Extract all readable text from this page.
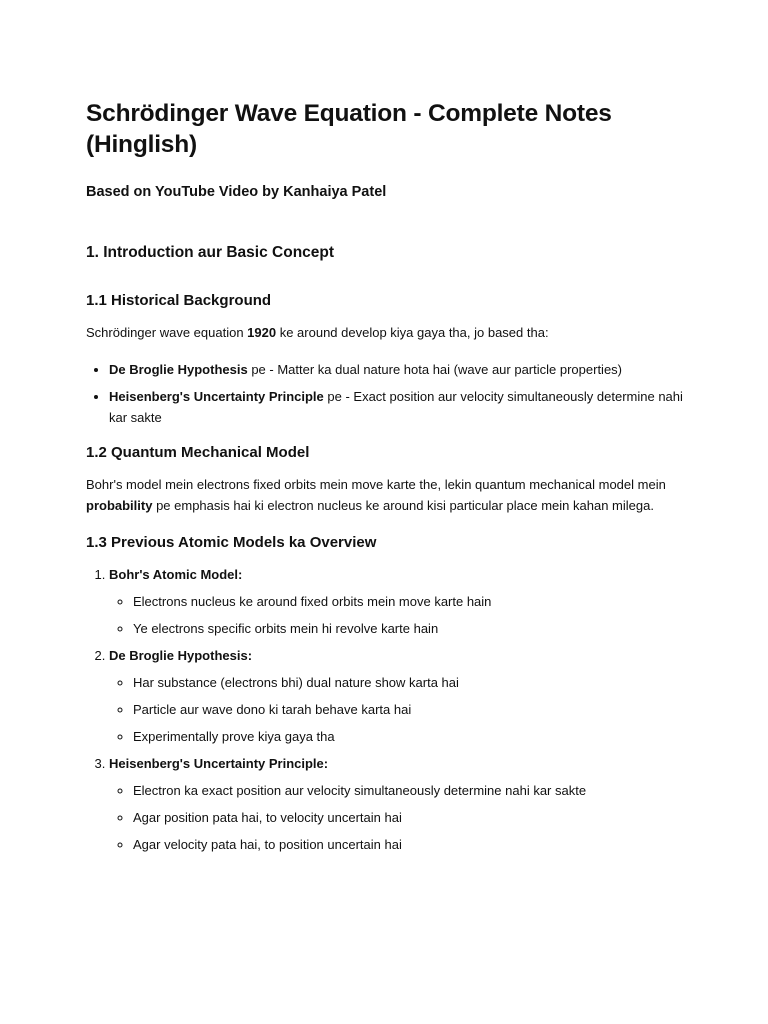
Schrödinger Wave Equation - Complete Notes (Hinglish)
Based on YouTube Video by Kanhaiya Patel
1. Introduction aur Basic Concept
1.1 Historical Background

Schrödinger wave equation 1920 ke around develop kiya gaya tha, jo based tha:

• De Broglie Hypothesis pe - Matter ka dual nature hota hai (wave aur particle properties)
• Heisenberg's Uncertainty Principle pe - Exact position aur velocity simultaneously determine nahi kar sakte
1.2 Quantum Mechanical Model

Bohr's model mein electrons fixed orbits mein move karte the, lekin quantum mechanical model mein probability pe emphasis hai ki electron nucleus ke around kisi particular place mein kahan milega.

1.3 Previous Atomic Models ka Overview
1. Bohr's Atomic Model:
◦ Electrons nucleus ke around fixed orbits mein move karte hain
◦ Ye electrons specific orbits mein hi revolve karte hain
2. De Broglie Hypothesis:
◦ Har substance (electrons bhi) dual nature show karta hai
◦ Particle aur wave dono ki tarah behave karta hai
◦ Experimentally prove kiya gaya tha
3. Heisenberg's Uncertainty Principle:
◦ Electron ka exact position aur velocity simultaneously determine nahi kar sakte
◦ Agar position pata hai, to velocity uncertain hai
◦ Agar velocity pata hai, to position uncertain hai
